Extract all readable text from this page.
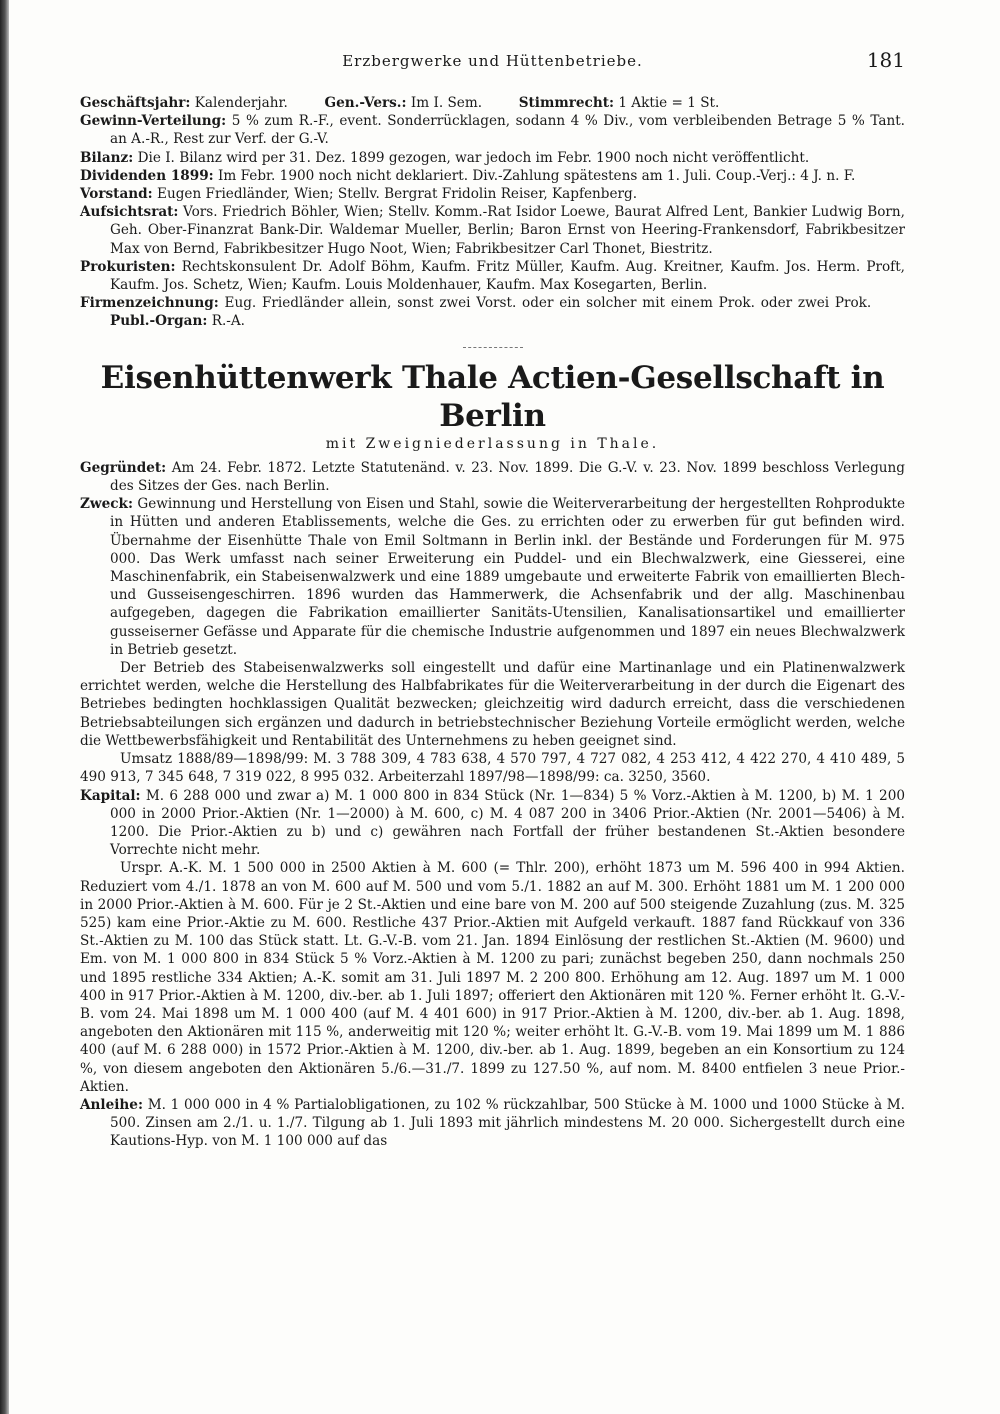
Erzbergwerke und Hüttenbetriebe.	181

Geschäftsjahr: Kalenderjahr.	Gen.-Vers.: Im I. Sem.	Stimmrecht: 1 Aktie = 1 St.

Gewinn-Verteilung: 5 % zum R.-F., event. Sonderrücklagen, sodann 4 % Div., vom verbleibenden Betrage 5 % Tant. an A.-R., Rest zur Verf. der G.-V.

Bilanz: Die I. Bilanz wird per 31. Dez. 1899 gezogen, war jedoch im Febr. 1900 noch nicht veröffentlicht.

Dividenden 1899: Im Febr. 1900 noch nicht deklariert. Div.-Zahlung spätestens am 1. Juli. Coup.-Verj.: 4 J. n. F.

Vorstand: Eugen Friedländer, Wien; Stellv. Bergrat Fridolin Reiser, Kapfenberg.

Aufsichtsrat: Vors. Friedrich Böhler, Wien; Stellv. Komm.-Rat Isidor Loewe, Baurat Alfred Lent, Bankier Ludwig Born, Geh. Ober-Finanzrat Bank-Dir. Waldemar Mueller, Berlin; Baron Ernst von Heering-Frankensdorf, Fabrikbesitzer Max von Bernd, Fabrikbesitzer Hugo Noot, Wien; Fabrikbesitzer Carl Thonet, Biestritz.

Prokuristen: Rechtskonsulent Dr. Adolf Böhm, Kaufm. Fritz Müller, Kaufm. Aug. Kreitner, Kaufm. Jos. Herm. Proft, Kaufm. Jos. Schetz, Wien; Kaufm. Louis Moldenhauer, Kaufm. Max Kosegarten, Berlin.

Firmenzeichnung: Eug. Friedländer allein, sonst zwei Vorst. oder ein solcher mit einem Prok. oder zwei Prok.  Publ.-Organ: R.-A.

Eisenhüttenwerk Thale Actien-Gesellschaft in Berlin

mit Zweigniederlassung in Thale.

Gegründet: Am 24. Febr. 1872. Letzte Statutenänd. v. 23. Nov. 1899. Die G.-V. v. 23. Nov. 1899 beschloss Verlegung des Sitzes der Ges. nach Berlin.

Zweck: Gewinnung und Herstellung von Eisen und Stahl, sowie die Weiterverarbeitung der hergestellten Rohprodukte in Hütten und anderen Etablissements, welche die Ges. zu errichten oder zu erwerben für gut befinden wird. Übernahme der Eisenhütte Thale von Emil Soltmann in Berlin inkl. der Bestände und Forderungen für M. 975 000. Das Werk umfasst nach seiner Erweiterung ein Puddel- und ein Blechwalzwerk, eine Giesserei, eine Maschinenfabrik, ein Stabeisenwalzwerk und eine 1889 umgebaute und erweiterte Fabrik von emaillierten Blech- und Gusseisengeschirren. 1896 wurden das Hammerwerk, die Achsenfabrik und der allg. Maschinenbau aufgegeben, dagegen die Fabrikation emaillierter Sanitäts-Utensilien, Kanalisationsartikel und emaillierter gusseiserner Gefässe und Apparate für die chemische Industrie aufgenommen und 1897 ein neues Blechwalzwerk in Betrieb gesetzt.

Der Betrieb des Stabeisenwalzwerks soll eingestellt und dafür eine Martinanlage und ein Platinenwalzwerk errichtet werden, welche die Herstellung des Halbfabrikates für die Weiterverarbeitung in der durch die Eigenart des Betriebes bedingten hochklassigen Qualität bezwecken; gleichzeitig wird dadurch erreicht, dass die verschiedenen Betriebsabteilungen sich ergänzen und dadurch in betriebstechnischer Beziehung Vorteile ermöglicht werden, welche die Wettbewerbsfähigkeit und Rentabilität des Unternehmens zu heben geeignet sind.

Umsatz 1888/89—1898/99: M. 3 788 309, 4 783 638, 4 570 797, 4 727 082, 4 253 412, 4 422 270, 4 410 489, 5 490 913, 7 345 648, 7 319 022, 8 995 032. Arbeiterzahl 1897/98—1898/99: ca. 3250, 3560.

Kapital: M. 6 288 000 und zwar a) M. 1 000 800 in 834 Stück (Nr. 1—834) 5 % Vorz.-Aktien à M. 1200, b) M. 1 200 000 in 2000 Prior.-Aktien (Nr. 1—2000) à M. 600, c) M. 4 087 200 in 3406 Prior.-Aktien (Nr. 2001—5406) à M. 1200. Die Prior.-Aktien zu b) und c) gewähren nach Fortfall der früher bestandenen St.-Aktien besondere Vorrechte nicht mehr.

Urspr. A.-K. M. 1 500 000 in 2500 Aktien à M. 600 (= Thlr. 200), erhöht 1873 um M. 596 400 in 994 Aktien. Reduziert vom 4./1. 1878 an von M. 600 auf M. 500 und vom 5./1. 1882 an auf M. 300. Erhöht 1881 um M. 1 200 000 in 2000 Prior.-Aktien à M. 600. Für je 2 St.-Aktien und eine bare von M. 200 auf 500 steigende Zuzahlung (zus. M. 325 525) kam eine Prior.-Aktie zu M. 600. Restliche 437 Prior.-Aktien mit Aufgeld verkauft. 1887 fand Rückkauf von 336 St.-Aktien zu M. 100 das Stück statt. Lt. G.-V.-B. vom 21. Jan. 1894 Einlösung der restlichen St.-Aktien (M. 9600) und Em. von M. 1 000 800 in 834 Stück 5 % Vorz.-Aktien à M. 1200 zu pari; zunächst begeben 250, dann nochmals 250 und 1895 restliche 334 Aktien; A.-K. somit am 31. Juli 1897 M. 2 200 800. Erhöhung am 12. Aug. 1897 um M. 1 000 400 in 917 Prior.-Aktien à M. 1200, div.-ber. ab 1. Juli 1897; offeriert den Aktionären mit 120 %. Ferner erhöht lt. G.-V.-B. vom 24. Mai 1898 um M. 1 000 400 (auf M. 4 401 600) in 917 Prior.-Aktien à M. 1200, div.-ber. ab 1. Aug. 1898, angeboten den Aktionären mit 115 %, anderweitig mit 120 %; weiter erhöht lt. G.-V.-B. vom 19. Mai 1899 um M. 1 886 400 (auf M. 6 288 000) in 1572 Prior.-Aktien à M. 1200, div.-ber. ab 1. Aug. 1899, begeben an ein Konsortium zu 124 %, von diesem angeboten den Aktionären 5./6.—31./7. 1899 zu 127.50 %, auf nom. M. 8400 entfielen 3 neue Prior.-Aktien.

Anleihe: M. 1 000 000 in 4 % Partialobligationen, zu 102 % rückzahlbar, 500 Stücke à M. 1000 und 1000 Stücke à M. 500. Zinsen am 2./1. u. 1./7. Tilgung ab 1. Juli 1893 mit jährlich mindestens M. 20 000. Sichergestellt durch eine Kautions-Hyp. von M. 1 100 000 auf das
